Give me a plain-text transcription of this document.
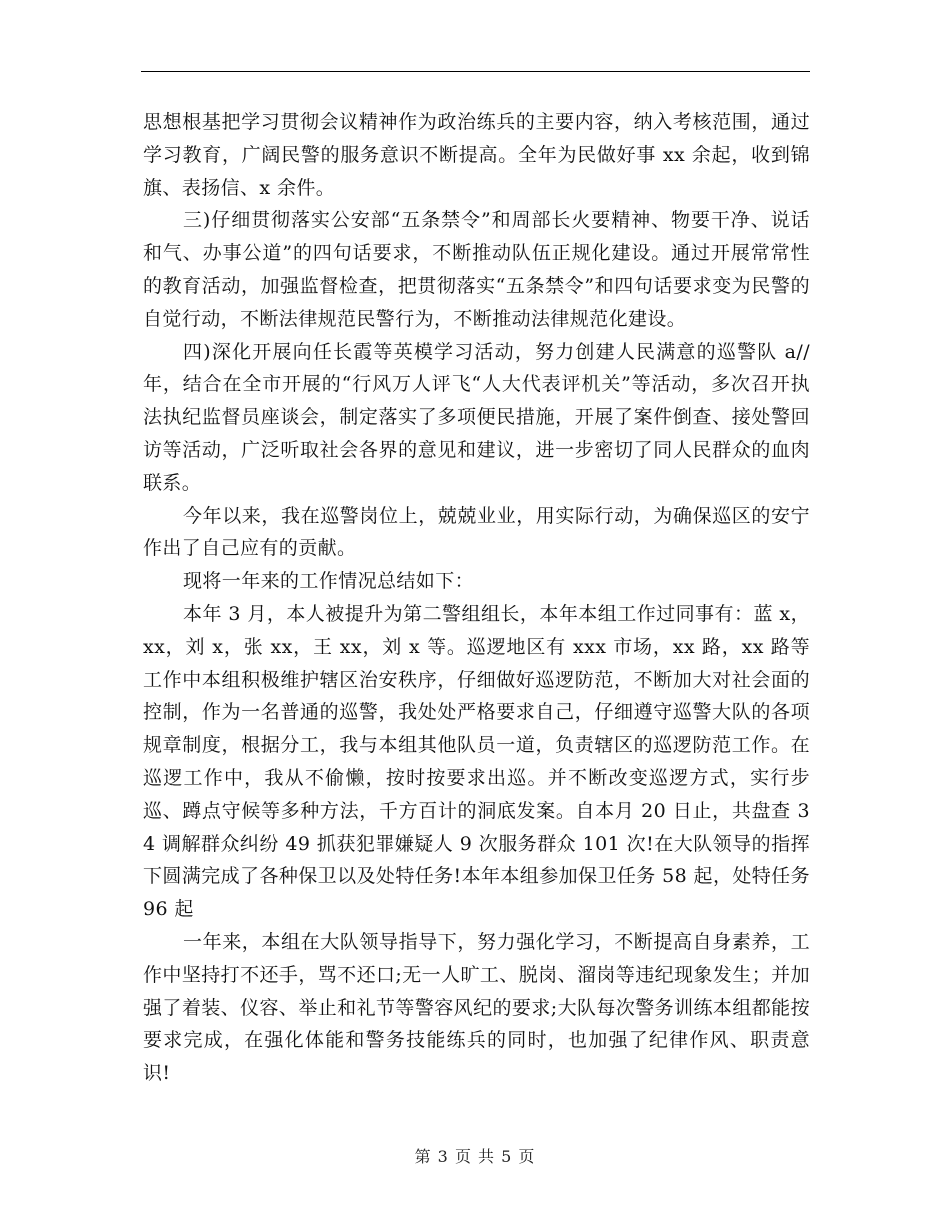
思想根基把学习贯彻会议精神作为政治练兵的主要内容，纳入考核范围，通过学习教育，广阔民警的服务意识不断提高。全年为民做好事 xx 余起，收到锦旗、表扬信、x 余件。

三)仔细贯彻落实公安部“五条禁令”和周部长火要精神、物要干净、说话和气、办事公道”的四句话要求，不断推动队伍正规化建设。通过开展常常性的教育活动，加强监督检查，把贯彻落实“五条禁令”和四句话要求变为民警的自觉行动，不断法律规范民警行为，不断推动法律规范化建设。

四)深化开展向任长霞等英模学习活动，努力创建人民满意的巡警队 a//年，结合在全市开展的“行风万人评飞“人大代表评机关”等活动，多次召开执法执纪监督员座谈会，制定落实了多项便民措施，开展了案件倒查、接处警回访等活动，广泛听取社会各界的意见和建议，进一步密切了同人民群众的血肉联系。

今年以来，我在巡警岗位上，兢兢业业，用实际行动，为确保巡区的安宁作出了自己应有的贡献。

现将一年来的工作情况总结如下：

本年 3 月，本人被提升为第二警组组长，本年本组工作过同事有：蓝 x，xx，刘 x，张 xx，王 xx，刘 x 等。巡逻地区有 xxx 市场，xx 路，xx 路等工作中本组积极维护辖区治安秩序，仔细做好巡逻防范，不断加大对社会面的控制，作为一名普通的巡警，我处处严格要求自己，仔细遵守巡警大队的各项规章制度，根据分工，我与本组其他队员一道，负责辖区的巡逻防范工作。在巡逻工作中，我从不偷懒，按时按要求出巡。并不断改变巡逻方式，实行步巡、蹲点守候等多种方法，千方百计的洞底发案。自本月 20 日止，共盘查 34 调解群众纠纷 49 抓获犯罪嫌疑人 9 次服务群众 101 次!在大队领导的指挥下圆满完成了各种保卫以及处特任务!本年本组参加保卫任务 58 起，处特任务 96 起

一年来，本组在大队领导指导下，努力强化学习，不断提高自身素养，工作中坚持打不还手，骂不还口;无一人旷工、脱岗、溜岗等违纪现象发生；并加强了着装、仪容、举止和礼节等警容风纪的要求;大队每次警务训练本组都能按要求完成，在强化体能和警务技能练兵的同时，也加强了纪律作风、职责意识!

第 3 页 共 5 页
